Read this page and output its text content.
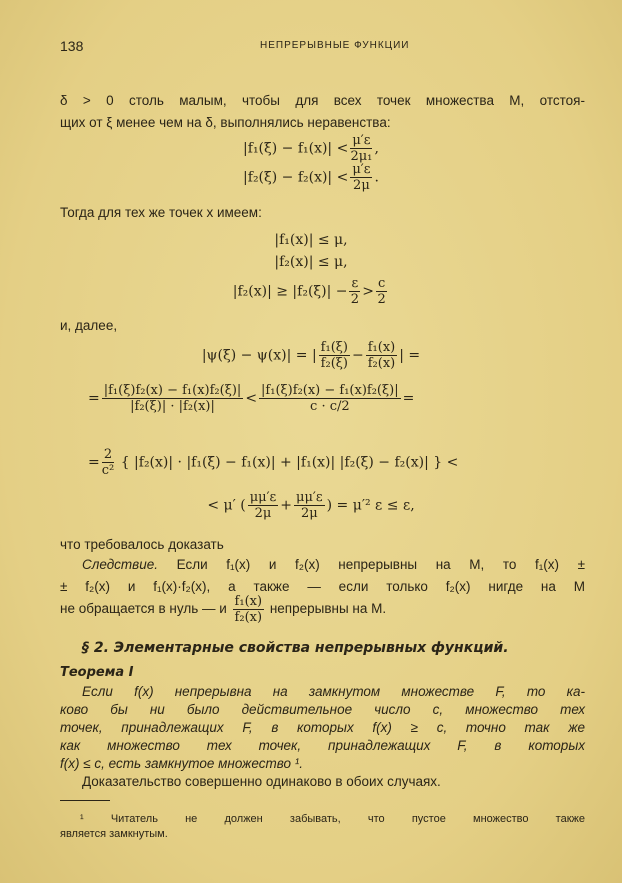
138	НЕПРЕРЫВНЫЕ ФУНКЦИИ
δ > 0 столь малым, чтобы для всех точек множества M, отстоя-
щих от ξ менее чем на δ, выполнялись неравенства:
$|f_1(\xi) - f_1(x)| < \frac{\mu'\varepsilon}{\text{2μ₁}}$ ,
$|f_2(\xi) - f_2(x)| < \frac{\mu'\varepsilon}{2\mu}$ .
Тогда для тех же точек x имеем:
|f₁(x)| ≤ μ,
|f₂(x)| ≤ μ,
$|f_2(x)| \ge |f_2(\xi)| - \frac{\varepsilon}{2} > \frac{c}{2}$
и, далее,
|ψ(ξ) − ψ(x)| = | $\frac{\text{f₁(ξ)}}{\text{f₂(ξ)}} - \frac{\text{f₁(x)}}{\text{f₂(x)}}$ | =
= $\frac{\text{|f₁(ξ)f₂(x) − f₁(x)f₂(ξ)|}}{\text{|f₂(ξ)| · |f₂(x)|}} < \frac{\text{|f₁(ξ)f₂(x) − f₁(x)f₂(ξ)|}}{c \cdot c/2}$ =
= $\frac{2}{\text{c²}}$ { |f₂(x)| · |f₁(ξ) − f₁(x)| + |f₁(x)| |f₂(ξ) − f₂(x)| } <
< μ′ ( $\frac{\mu\mu'\varepsilon}{2\mu} + \frac{\mu\mu'\varepsilon}{2\mu}$ ) = μ′² ε ≤ ε,
что требовалось доказать
Следствие. Если f₁(x) и f₂(x) непрерывны на M, то f₁(x) ±
± f₂(x) и f₁(x)·f₂(x), а также — если только f₂(x) нигде на M
не обращается в нуль — и $\frac{\text{f₁(x)}}{\text{f₂(x)}}$ непрерывны на M.
§ 2. Элементарные свойства непрерывных функций.
Теорема I
Если f(x) непрерывна на замкнутом множестве F, то ка-
ково бы ни было действительное число c, множество тех
точек, принадлежащих F, в которых f(x) ≥ c, точно так же
как множество тех точек, принадлежащих F, в которых
f(x) ≤ c, есть замкнутое множество ¹.
Доказательство совершенно одинаково в обоих случаях.
¹ Читатель не должен забывать, что пустое множество также
является замкнутым.
